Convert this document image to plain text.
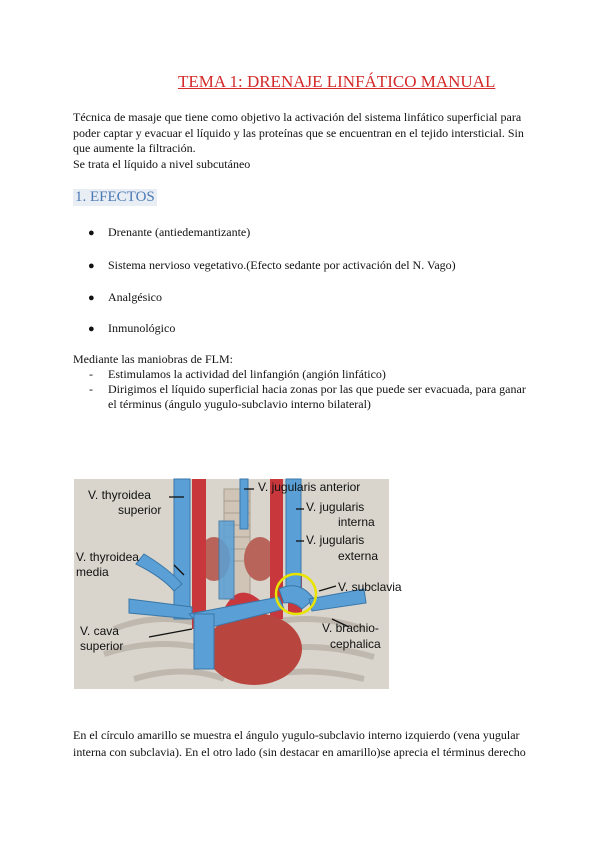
TEMA 1: DRENAJE LINFÁTICO MANUAL

Técnica de masaje que tiene como objetivo la activación del sistema linfático superficial para poder captar y evacuar el líquido y las proteínas que se encuentran en el tejido intersticial. Sin que aumente la filtración.

Se trata el líquido a nivel subcutáneo

1. EFECTOS
● Drenante (antiedemantizante)
● Sistema nervioso vegetativo.(Efecto sedante por activación del N. Vago)
● Analgésico
● Inmunológico

Mediante las maniobras de FLM:

- Estimulamos la actividad del linfangión (angión linfático)
- Dirigimos el líquido superficial hacia zonas por las que puede ser evacuada, para ganar el términus (ángulo yugulo-subclavio interno bilateral)
V. thyroidea
superior
V. jugularis anterior
V. jugularis
interna
V. jugularis
externa
V. thyroidea
media
V. subclavia
V. cava
superior
V. brachio-
cephalica

En el círculo amarillo se muestra el ángulo yugulo-subclavio interno izquierdo (vena yugular interna con subclavia). En el otro lado (sin destacar en amarillo)se aprecia el términus derecho
